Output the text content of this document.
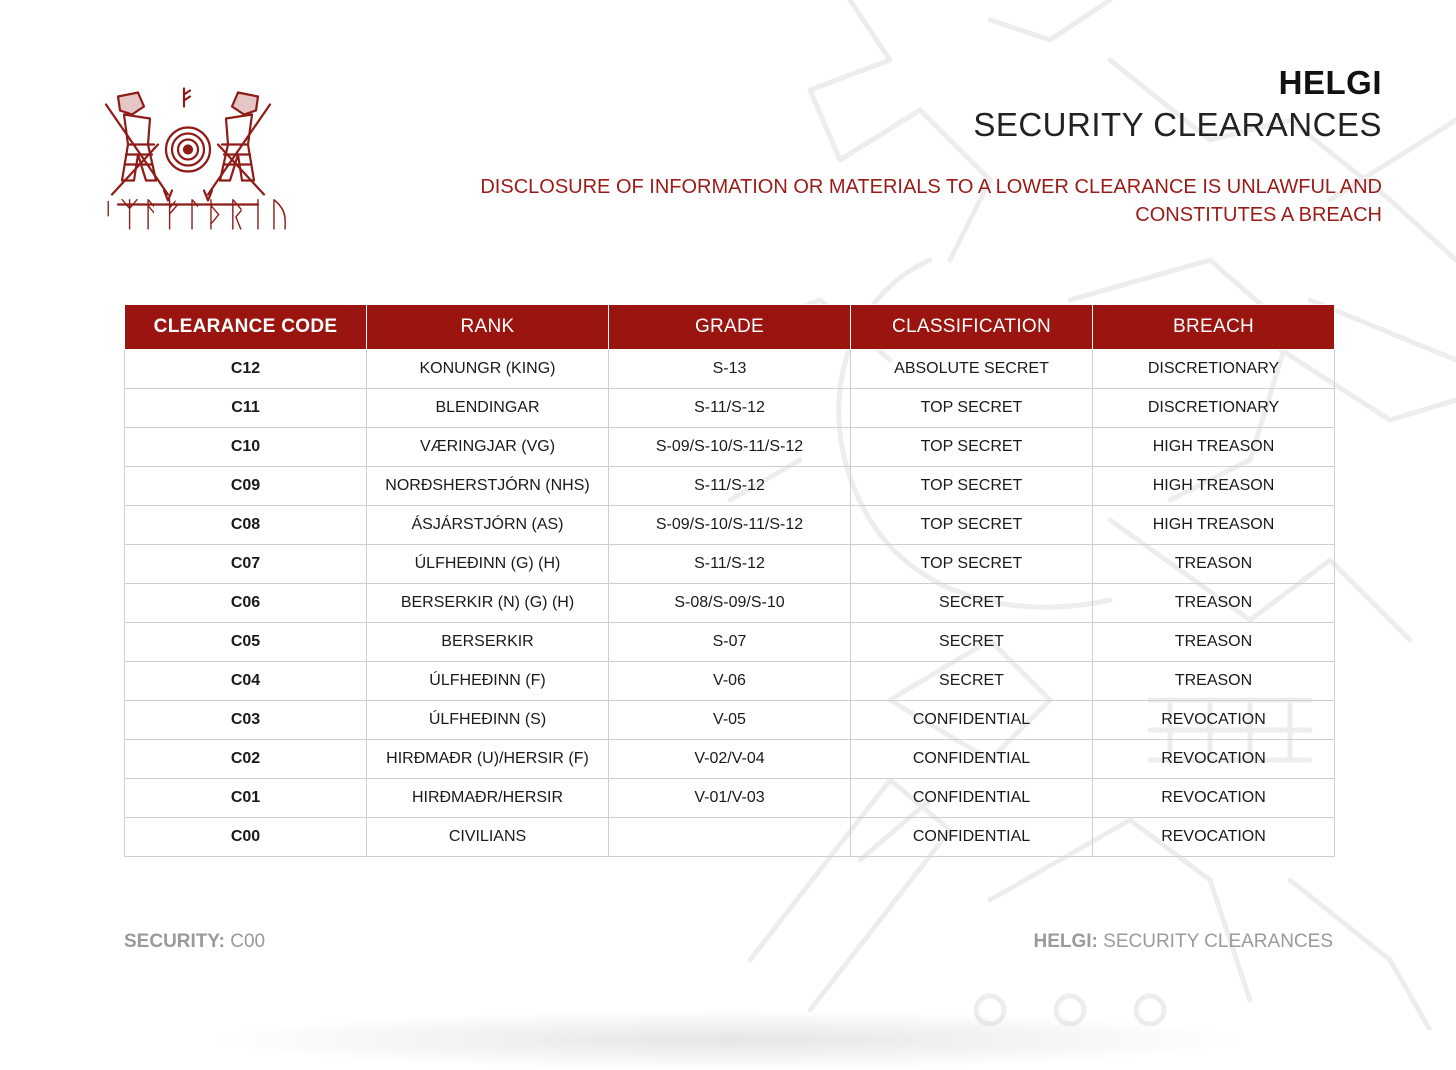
ᛌᛉᚨᚠᛚᚦᚱᛁᚢ
HELGI
SECURITY CLEARANCES
DISCLOSURE OF INFORMATION OR MATERIALS TO A LOWER CLEARANCE IS UNLAWFUL AND CONSTITUTES A BREACH
CLEARANCE CODE	RANK	GRADE	CLASSIFICATION	BREACH
C12	KONUNGR (KING)	S-13	ABSOLUTE SECRET	DISCRETIONARY
C11	BLENDINGAR	S-11/S-12	TOP SECRET	DISCRETIONARY
C10	VÆRINGJAR (VG)	S-09/S-10/S-11/S-12	TOP SECRET	HIGH TREASON
C09	NORÐSHERSTJÓRN (NHS)	S-11/S-12	TOP SECRET	HIGH TREASON
C08	ÁSJÁRSTJÓRN (AS)	S-09/S-10/S-11/S-12	TOP SECRET	HIGH TREASON
C07	ÚLFHEÐINN (G) (H)	S-11/S-12	TOP SECRET	TREASON
C06	BERSERKIR (N) (G) (H)	S-08/S-09/S-10	SECRET	TREASON
C05	BERSERKIR	S-07	SECRET	TREASON
C04	ÚLFHEÐINN (F)	V-06	SECRET	TREASON
C03	ÚLFHEÐINN (S)	V-05	CONFIDENTIAL	REVOCATION
C02	HIRÐMAÐR (U)/HERSIR (F)	V-02/V-04	CONFIDENTIAL	REVOCATION
C01	HIRÐMAÐR/HERSIR	V-01/V-03	CONFIDENTIAL	REVOCATION
C00	CIVILIANS		CONFIDENTIAL	REVOCATION
SECURITY: C00	HELGI: SECURITY CLEARANCES
